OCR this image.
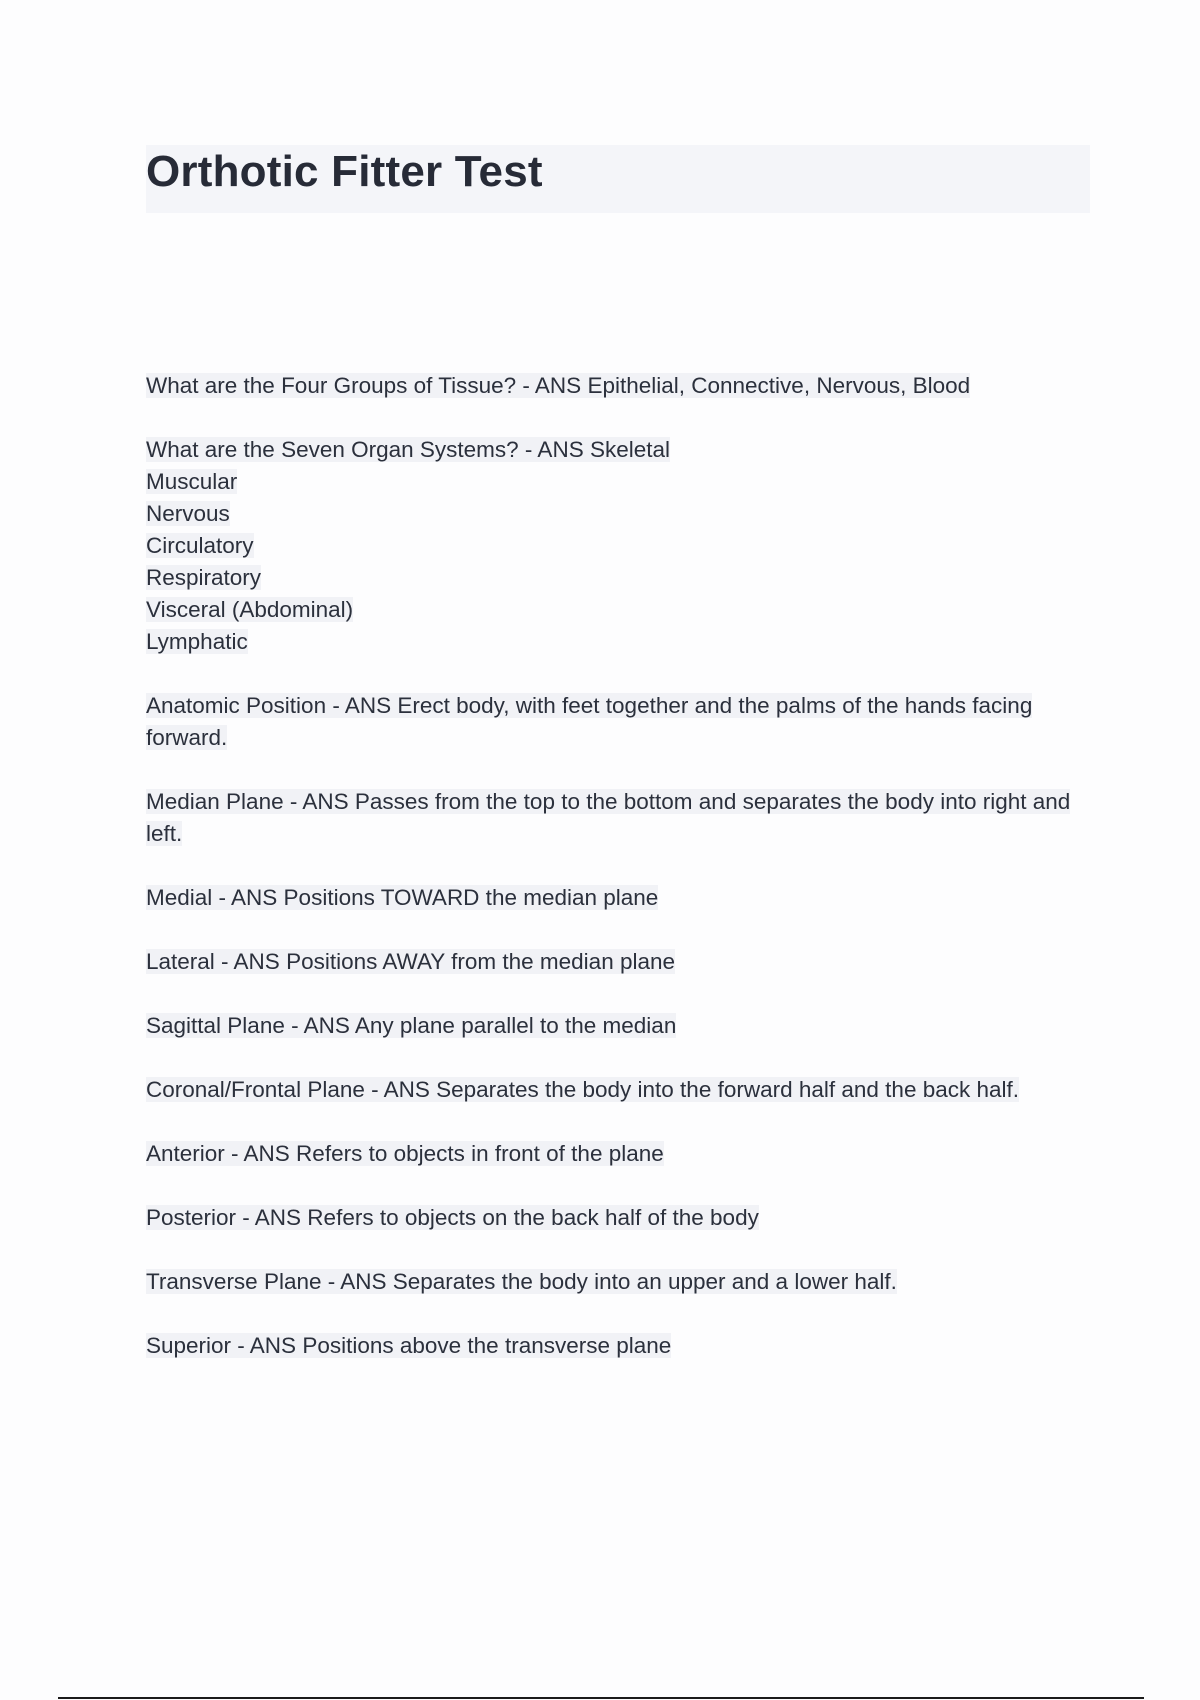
Orthotic Fitter Test

What are the Four Groups of Tissue? - ANS Epithelial, Connective, Nervous, Blood

What are the Seven Organ Systems? - ANS Skeletal
Muscular
Nervous
Circulatory
Respiratory
Visceral (Abdominal)
Lymphatic

Anatomic Position - ANS Erect body, with feet together and the palms of the hands facing forward.

Median Plane - ANS Passes from the top to the bottom and separates the body into right and left.

Medial - ANS Positions TOWARD the median plane

Lateral - ANS Positions AWAY from the median plane

Sagittal Plane - ANS Any plane parallel to the median

Coronal/Frontal Plane - ANS Separates the body into the forward half and the back half.

Anterior - ANS Refers to objects in front of the plane

Posterior - ANS Refers to objects on the back half of the body

Transverse Plane - ANS Separates the body into an upper and a lower half.

Superior - ANS Positions above the transverse plane
